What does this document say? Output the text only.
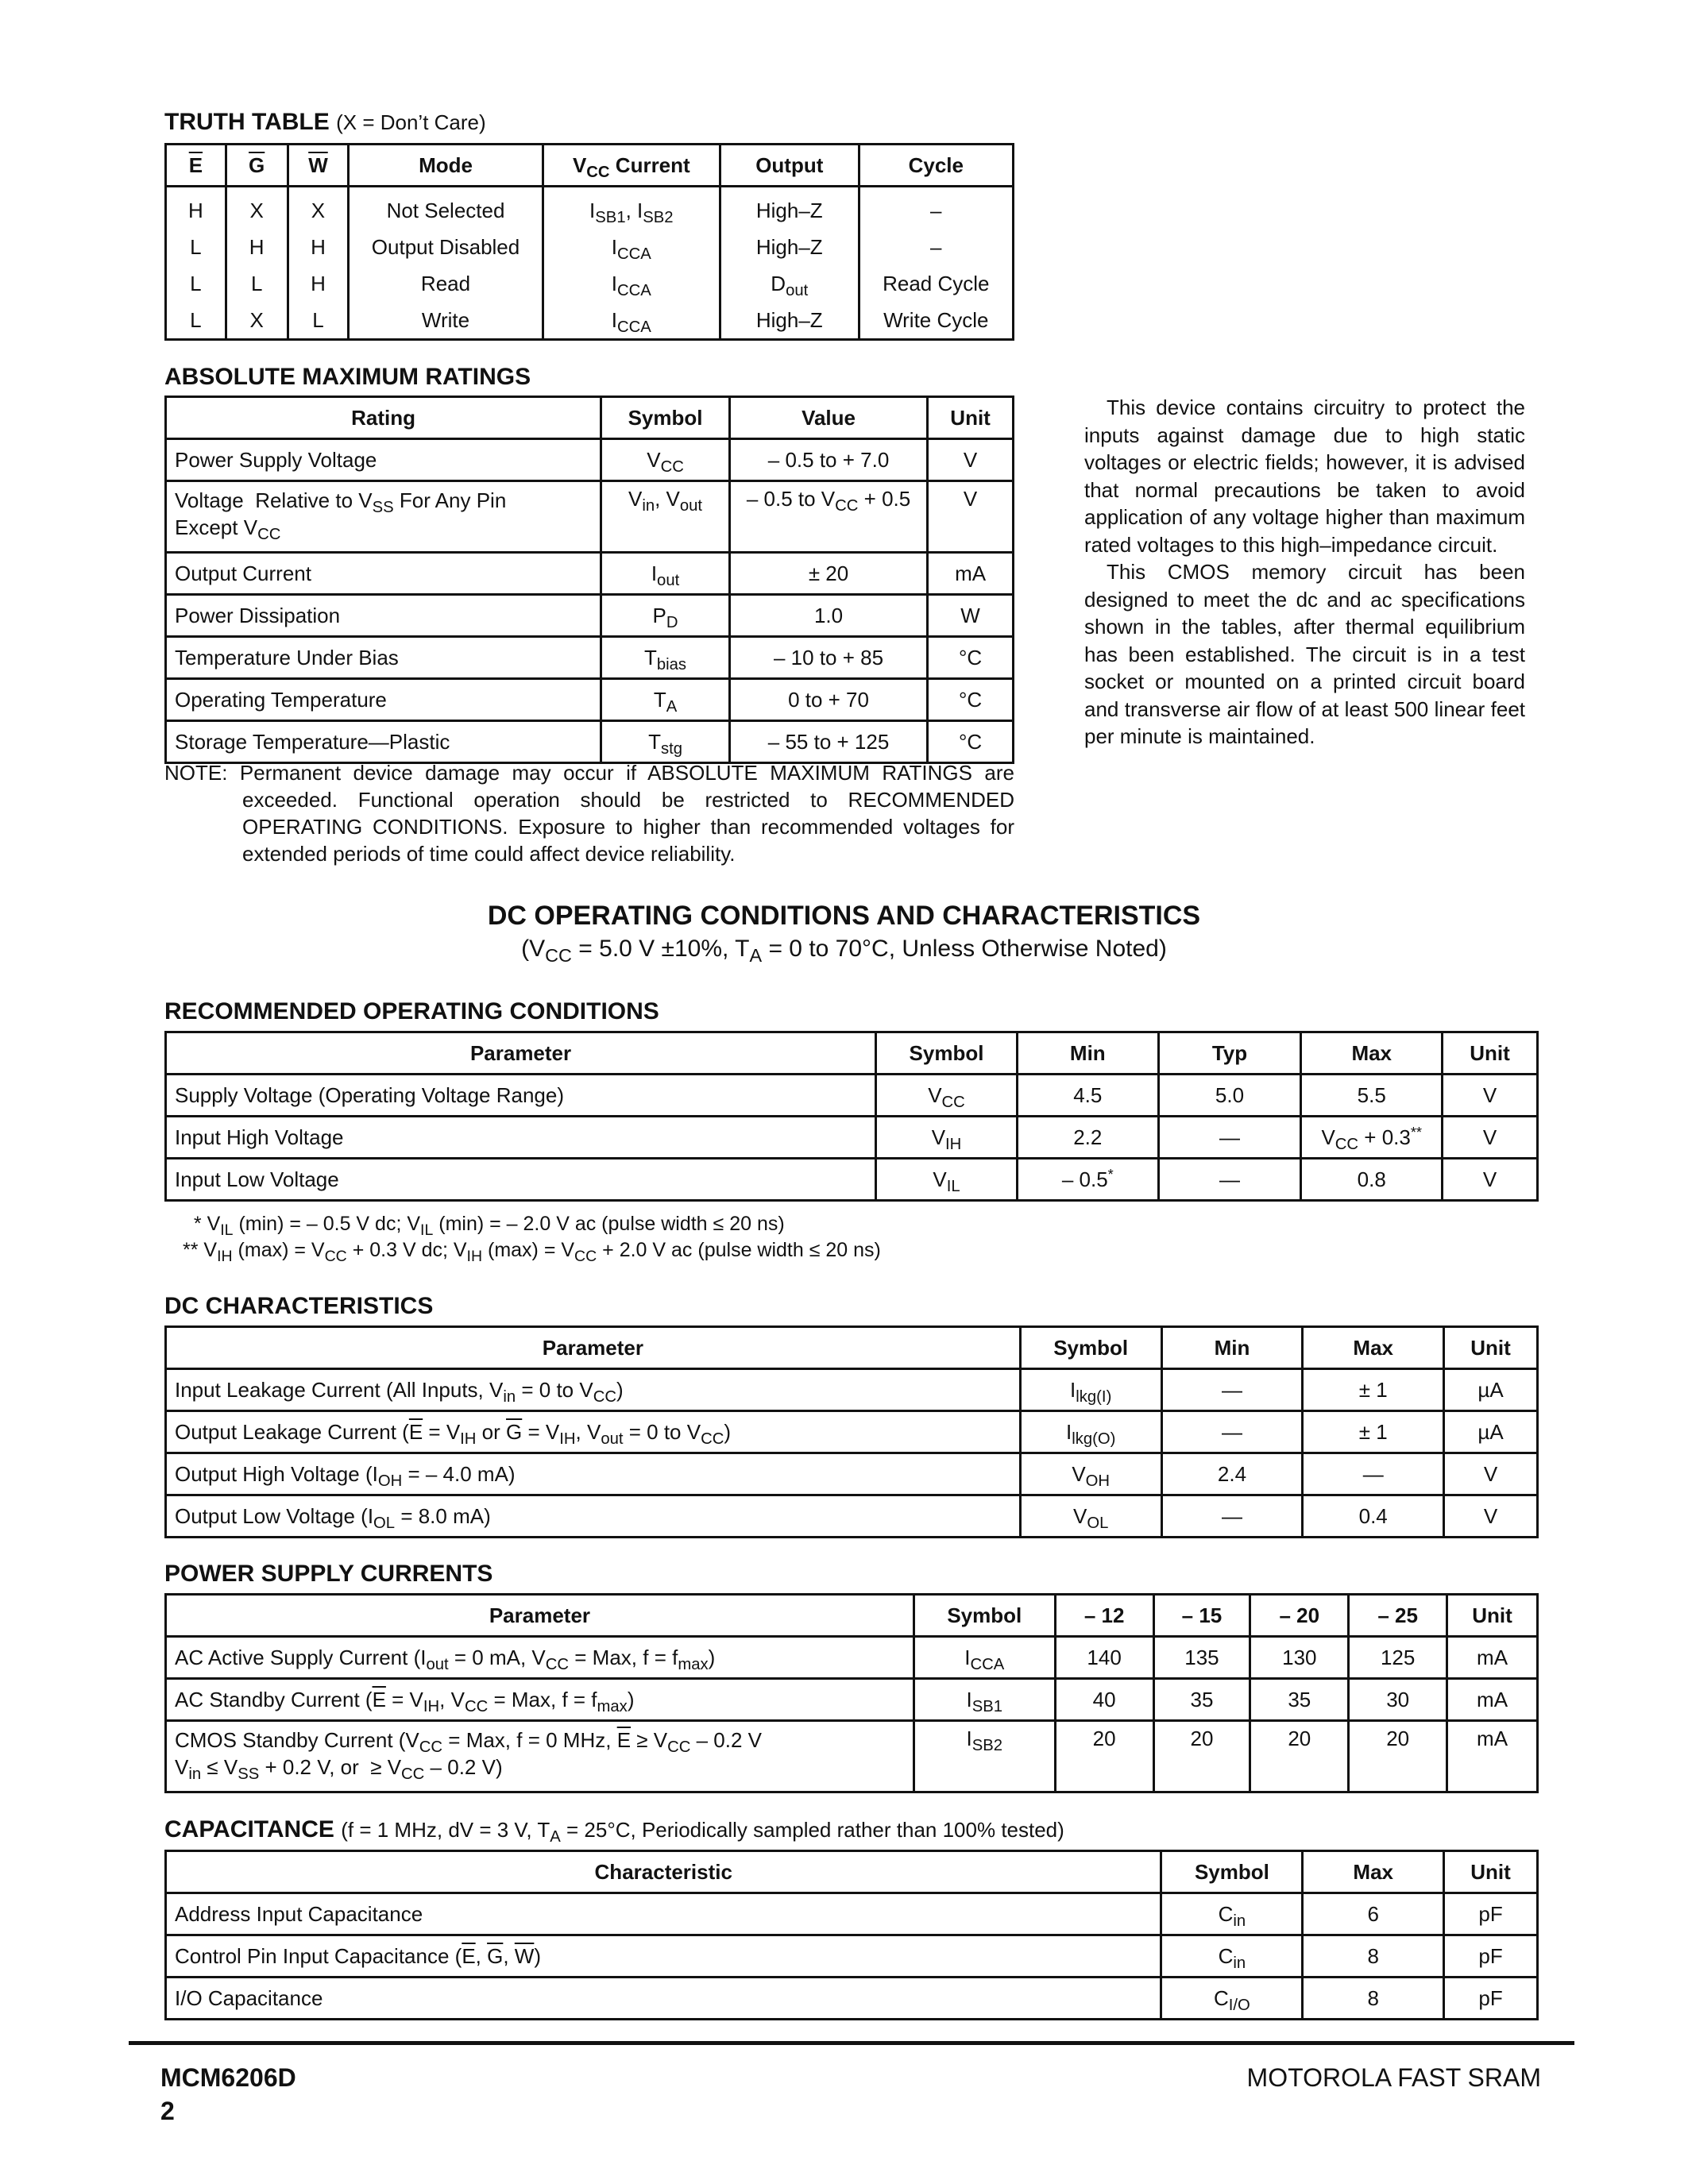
TRUTH TABLE (X = Don’t Care)
$\overline{E}$	$\overline{G}$	$\overline{W}$	Mode	$V_{CC}$ Current	Output	Cycle
H	X	X	Not Selected	$I_{SB1}$, $I_{SB2}$	High–Z	–
L	H	H	Output Disabled	$I_{CCA}$	High–Z	–
L	L	H	Read	$I_{CCA}$	$D_{out}$	Read Cycle
L	X	L	Write	$I_{CCA}$	High–Z	Write Cycle
ABSOLUTE MAXIMUM RATINGS
Rating	Symbol	Value	Unit
Power Supply Voltage	$V_{CC}$	– 0.5 to + 7.0	V
Voltage  Relative to $V_{SS}$ For Any Pin
Except $V_{CC}$	$V_{in}$, $V_{out}$	– 0.5 to $V_{CC} + 0.5$	V
Output Current	$I_{out}$	± 20	mA
Power Dissipation	$P_D$	1.0	W
Temperature Under Bias	$T_{bias}$	– 10 to + 85	°C
Operating Temperature	$T_A$	0 to + 70	°C
Storage Temperature—Plastic	$T_{stg}$	– 55 to + 125	°C
NOTE: Permanent device damage may occur if ABSOLUTE MAXIMUM RATINGS are exceeded. Functional operation should be restricted to RECOMMENDED OPERATING CONDITIONS. Exposure to higher than recommended voltages for extended periods of time could affect device reliability.

This device contains circuitry to protect the inputs against damage due to high static voltages or electric fields; however, it is advised that normal precautions be taken to avoid application of any voltage higher than maximum rated voltages to this high–impedance circuit.

This CMOS memory circuit has been designed to meet the dc and ac specifications shown in the tables, after thermal equilibrium has been established. The circuit is in a test socket or mounted on a printed circuit board and transverse air flow of at least 500 linear feet per minute is maintained.

DC OPERATING CONDITIONS AND CHARACTERISTICS
($V_{CC} = 5.0$ V ±10%, $T_A = 0$ to 70°C, Unless Otherwise Noted)
RECOMMENDED OPERATING CONDITIONS
Parameter	Symbol	Min	Typ	Max	Unit
Supply Voltage (Operating Voltage Range)	$V_{CC}$	4.5	5.0	5.5	V
Input High Voltage	$V_{IH}$	2.2	—	$V_{CC} + 0.3^{**}$	V
Input Low Voltage	$V_{IL}$	– 0.5*	—	0.8	V
* $V_{IL}$ (min) = – 0.5 V dc; $V_{IL}$ (min) = – 2.0 V ac (pulse width ≤ 20 ns)
** $V_{IH}$ $(\max) = V_{CC} + 0.3$ V dc; $V_{IH}$ $(\max) = V_{CC} + 2.0$ V ac (pulse width ≤ 20 ns)
DC CHARACTERISTICS
Parameter	Symbol	Min	Max	Unit
Input Leakage Current (All Inputs, $V_{in} = 0$ to $V_{CC}$)	$I_{lkg(I)}$	—	± 1	µA
Output Leakage Current ($\overline{E} = V_{IH}$ or $\overline{G} = V_{IH}$, $V_{out} = 0$ to $V_{CC}$)	$I_{lkg(O)}$	—	± 1	µA
Output High Voltage ($I_{OH}$ = – 4.0 mA)	$V_{OH}$	2.4	—	V
Output Low Voltage ($I_{OL} = 8.0$ mA)	$V_{OL}$	—	0.4	V
POWER SUPPLY CURRENTS
Parameter	Symbol	– 12	– 15	– 20	– 25	Unit
AC Active Supply Current ($I_{out} = 0$ mA, $V_{CC}$ = Max, $f = f_{max}$)	$I_{CCA}$	140	135	130	125	mA
AC Standby Current ($\overline{E} = V_{IH}$, $V_{CC}$ = Max, $f = f_{max}$)	$I_{SB1}$	40	35	35	30	mA
CMOS Standby Current ($V_{CC}$ = Max, f = 0 MHz, $\overline{E} \ge V_{CC} - 0.2$ V
$V_{in} \le V_{SS} + 0.2$ V, or  ≥ $V_{CC} - 0.2$ V)	$I_{SB2}$	20	20	20	20	mA
CAPACITANCE (f = 1 MHz, dV = 3 V, $T_A = 25^\circ C$, Periodically sampled rather than 100% tested)
Characteristic	Symbol	Max	Unit
Address Input Capacitance	$C_{in}$	6	pF
Control Pin Input Capacitance ($\overline{E}$, $\overline{G}$, $\overline{W}$)	$C_{in}$	8	pF
I/O Capacitance	$C_{I/O}$	8	pF
MCM6206D
2
MOTOROLA FAST SRAM
